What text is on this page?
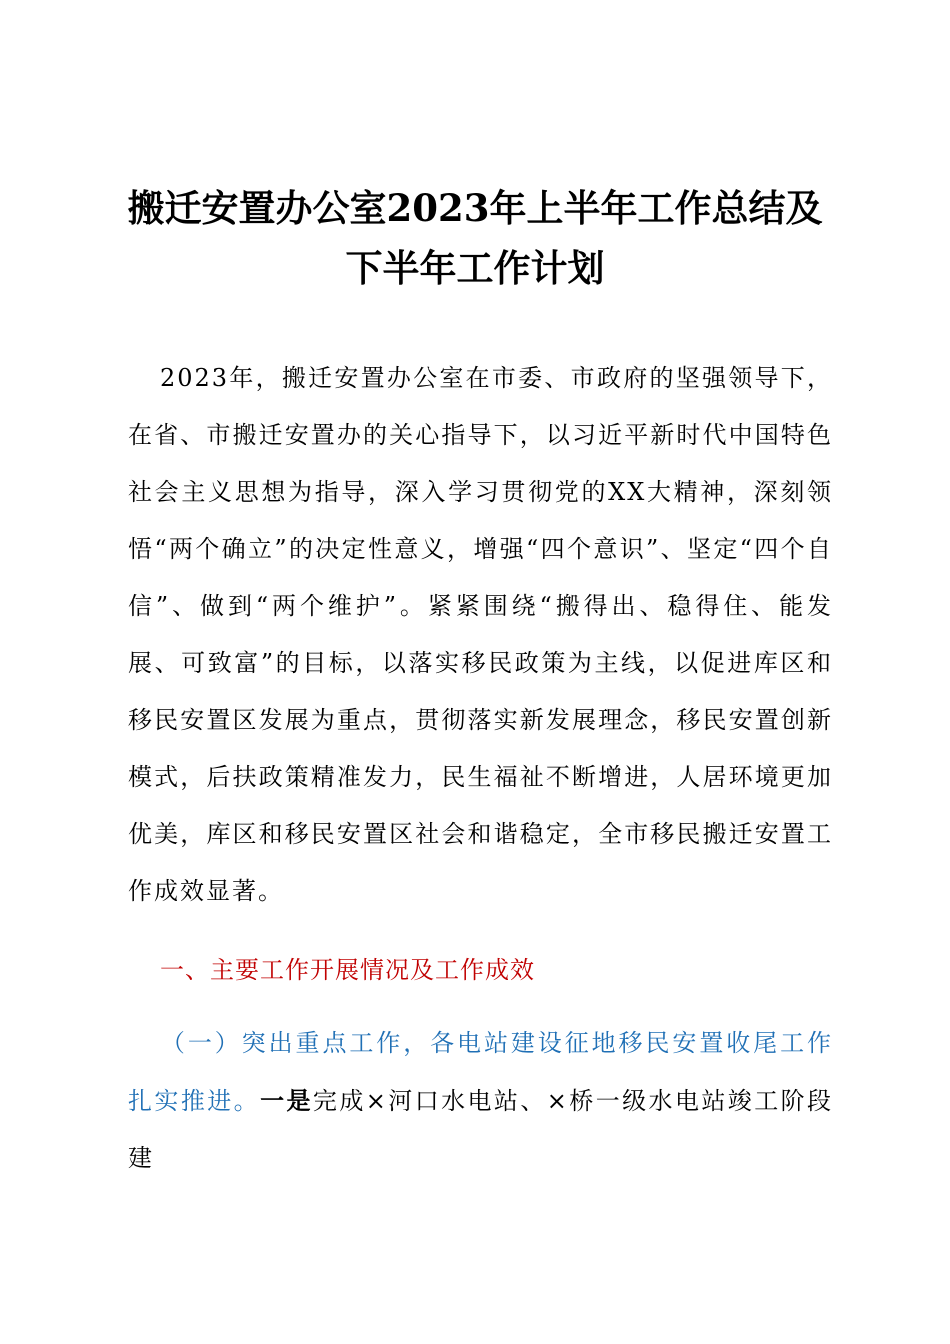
搬迁安置办公室2023年上半年工作总结及下半年工作计划
2023年，搬迁安置办公室在市委、市政府的坚强领导下，在省、市搬迁安置办的关心指导下，以习近平新时代中国特色社会主义思想为指导，深入学习贯彻党的XX大精神，深刻领悟“两个确立”的决定性意义，增强“四个意识”、坚定“四个自信”、做到“两个维护”。紧紧围绕“搬得出、稳得住、能发展、可致富”的目标，以落实移民政策为主线，以促进库区和移民安置区发展为重点，贯彻落实新发展理念，移民安置创新模式，后扶政策精准发力，民生福祉不断增进，人居环境更加优美，库区和移民安置区社会和谐稳定，全市移民搬迁安置工作成效显著。
一、主要工作开展情况及工作成效
（一）突出重点工作，各电站建设征地移民安置收尾工作扎实推进。一是完成×河口水电站、×桥一级水电站竣工阶段建
